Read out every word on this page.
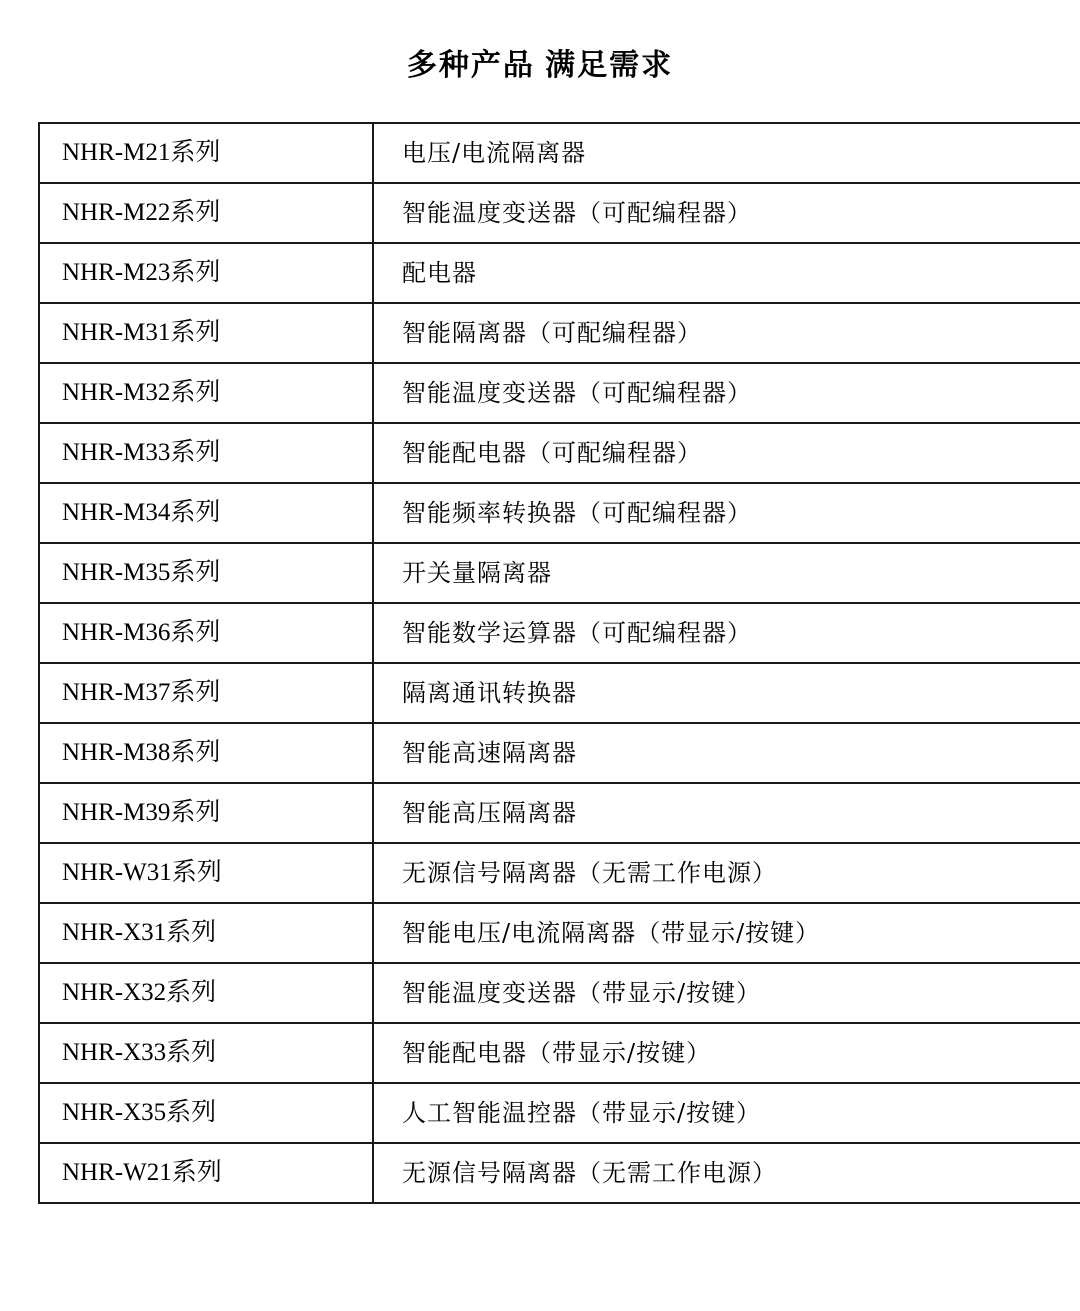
多种产品 满足需求
NHR-M21系列	电压/电流隔离器
NHR-M22系列	智能温度变送器（可配编程器）
NHR-M23系列	配电器
NHR-M31系列	智能隔离器（可配编程器）
NHR-M32系列	智能温度变送器（可配编程器）
NHR-M33系列	智能配电器（可配编程器）
NHR-M34系列	智能频率转换器（可配编程器）
NHR-M35系列	开关量隔离器
NHR-M36系列	智能数学运算器（可配编程器）
NHR-M37系列	隔离通讯转换器
NHR-M38系列	智能高速隔离器
NHR-M39系列	智能高压隔离器
NHR-W31系列	无源信号隔离器（无需工作电源）
NHR-X31系列	智能电压/电流隔离器（带显示/按键）
NHR-X32系列	智能温度变送器（带显示/按键）
NHR-X33系列	智能配电器（带显示/按键）
NHR-X35系列	人工智能温控器（带显示/按键）
NHR-W21系列	无源信号隔离器（无需工作电源）
